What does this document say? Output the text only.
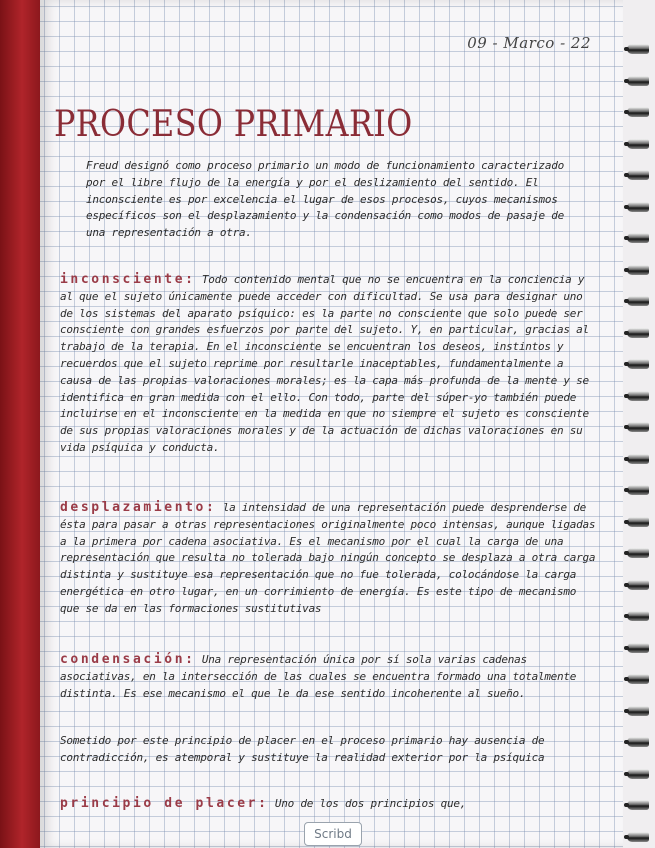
09 - Marco - 22
PROCESO PRIMARIO

Freud designó como proceso primario un modo de funcionamiento caracterizado por el libre flujo de la energía y por el deslizamiento del sentido. El inconsciente es por excelencia el lugar de esos procesos, cuyos mecanismos específicos son el desplazamiento y la condensación como modos de pasaje de una representación a otra.

inconsciente: Todo contenido mental que no se encuentra en la conciencia y al que el sujeto únicamente puede acceder con dificultad. Se usa para designar uno de los sistemas del aparato psíquico: es la parte no consciente que solo puede ser consciente con grandes esfuerzos por parte del sujeto. Y, en particular, gracias al trabajo de la terapia. En el inconsciente se encuentran los deseos, instintos y recuerdos que el sujeto reprime por resultarle inaceptables, fundamentalmente a causa de las propias valoraciones morales; es la capa más profunda de la mente y se identifica en gran medida con el ello. Con todo, parte del súper-yo también puede incluirse en el inconsciente en la medida en que no siempre el sujeto es consciente de sus propias valoraciones morales y de la actuación de dichas valoraciones en su vida psíquica y conducta.

desplazamiento: la intensidad de una representación puede desprenderse de ésta para pasar a otras representaciones originalmente poco intensas, aunque ligadas a la primera por cadena asociativa. Es el mecanismo por el cual la carga de una representación que resulta no tolerada bajo ningún concepto se desplaza a otra carga distinta y sustituye esa representación que no fue tolerada, colocándose la carga energética en otro lugar, en un corrimiento de energía. Es este tipo de mecanismo que se da en las formaciones sustitutivas

condensación: Una representación única por sí sola varias cadenas asociativas, en la intersección de las cuales se encuentra formado una totalmente distinta. Es ese mecanismo el que le da ese sentido incoherente al sueño.

Sometido por este principio de placer en el proceso primario hay ausencia de contradicción, es atemporal y sustituye la realidad exterior por la psíquica

principio de placer: Uno de los dos principios que,

Scribd
